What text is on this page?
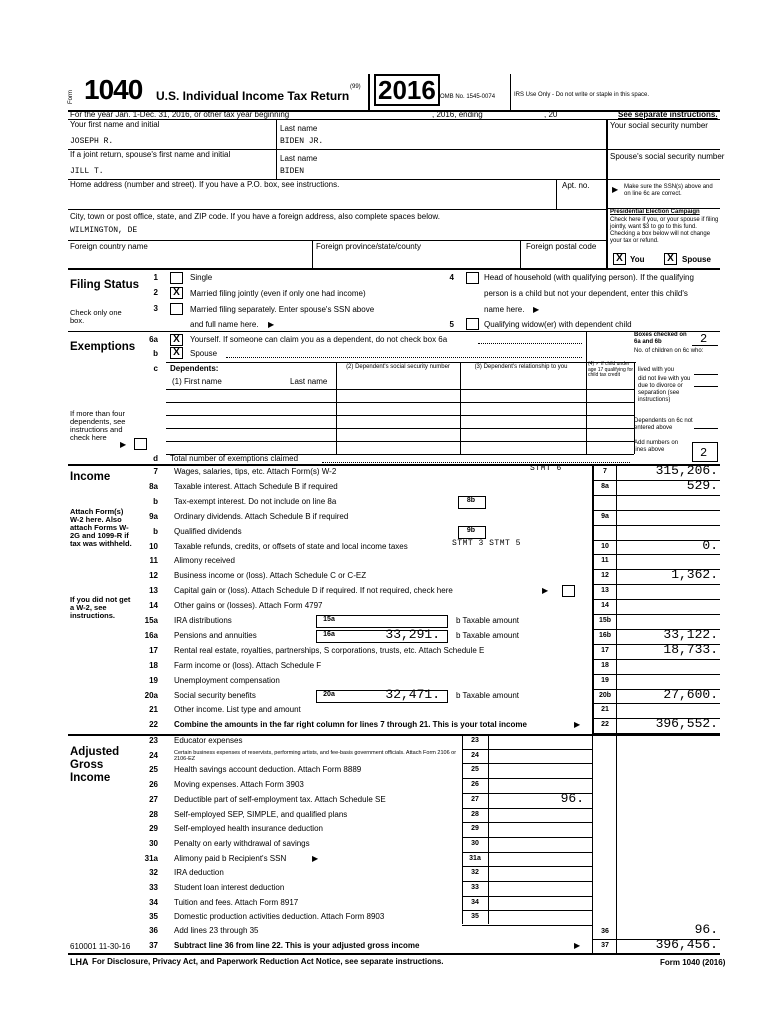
Form 1040 U.S. Individual Income Tax Return
(99) 2016 OMB No. 1545-0074	IRS Use Only - Do not write or staple in this space.
For the year Jan. 1-Dec. 31, 2016, or other tax year beginning	, 2016, ending	, 20	See separate instructions.
Your first name and initial
JOSEPH R.
Last name
BIDEN JR.
Your social security number
If a joint return, spouse's first name and initial
JILL T.
Last name
BIDEN
Spouse's social security number
Home address (number and street). If you have a P.O. box, see instructions.	Apt. no.	▶ Make sure the SSN(s) above and on line 6c are correct.
City, town or post office, state, and ZIP code. If you have a foreign address, also complete spaces below.
WILMINGTON, DE
Foreign country name	Foreign province/state/county	Foreign postal code
Presidential Election Campaign
Check here if you, or your spouse if filing jointly, want $3 to go to this fund. Checking a box below will not change your tax or refund.
X You	X	Spouse
Filing Status
Check only one box.
1	Single
2	X	Married filing jointly (even if only one had income)
3	Married filing separately. Enter spouse's SSN above
and full name here. ▶
4	Head of household (with qualifying person). If the qualifying
person is a child but not your dependent, enter this child's
name here. ▶
5	Qualifying widow(er) with dependent child
Exemptions
6a	X	Yourself. If someone can claim you as a dependent, do not check box 6a
b	X	Spouse
Boxes checked on 6a and 6b	2
c Dependents:
(1) First name	Last name
(2) Dependent's social security number	(3) Dependent's relationship to you	(4) ✓ if child under age 17 qualifying for child tax credit
No. of children on 6c who:
lived with you
did not live with you due to divorce or separation (see instructions)
Dependents on 6c not entered above
Add numbers on lines above	2
If more than four dependents, see instructions and check here
▶
d Total number of exemptions claimed
Income
Attach Form(s) W-2 here. Also attach Forms W-2G and 1099-R if tax was withheld.
If you did not get a W-2, see instructions.
7 Wages, salaries, tips, etc. Attach Form(s) W-2	STMT 6	7	315,206.
8a Taxable interest. Attach Schedule B if required	8a	529.
b Tax-exempt interest. Do not include on line 8a	8b
9a Ordinary dividends. Attach Schedule B if required	9a
b Qualified dividends	9b
10 Taxable refunds, credits, or offsets of state and local income taxes	STMT 3 STMT 5	10	0.
11 Alimony received	11
12 Business income or (loss). Attach Schedule C or C-EZ	12	1,362.
13 Capital gain or (loss). Attach Schedule D if required. If not required, check here	▶	13
14 Other gains or (losses). Attach Form 4797	14
15a IRA distributions	15a	b Taxable amount	15b
16a Pensions and annuities	16a	33,291. b Taxable amount	16b	33,122.
17 Rental real estate, royalties, partnerships, S corporations, trusts, etc. Attach Schedule E	17	18,733.
18 Farm income or (loss). Attach Schedule F	18
19 Unemployment compensation	19
20a Social security benefits	20a	32,471. b Taxable amount	20b	27,600.
21 Other income. List type and amount	21
22 Combine the amounts in the far right column for lines 7 through 21. This is your total income	▶	22	396,552.
Adjusted Gross Income
23 Educator expenses	23
24	Certain business expenses of reservists, performing artists, and fee-basis government officials. Attach Form 2106 or 2106-EZ	24
25 Health savings account deduction. Attach Form 8889	25
26 Moving expenses. Attach Form 3903	26
27 Deductible part of self-employment tax. Attach Schedule SE	27	96.
28 Self-employed SEP, SIMPLE, and qualified plans	28
29 Self-employed health insurance deduction	29
30 Penalty on early withdrawal of savings	30
31a Alimony paid b Recipient's SSN	▶	31a
32 IRA deduction	32
33 Student loan interest deduction	33
34 Tuition and fees. Attach Form 8917	34
35 Domestic production activities deduction. Attach Form 8903	35
36 Add lines 23 through 35	36	96.
37 Subtract line 36 from line 22. This is your adjusted gross income	▶	37	396,456.
610001 11-30-16
LHA For Disclosure, Privacy Act, and Paperwork Reduction Act Notice, see separate instructions.	Form 1040 (2016)
